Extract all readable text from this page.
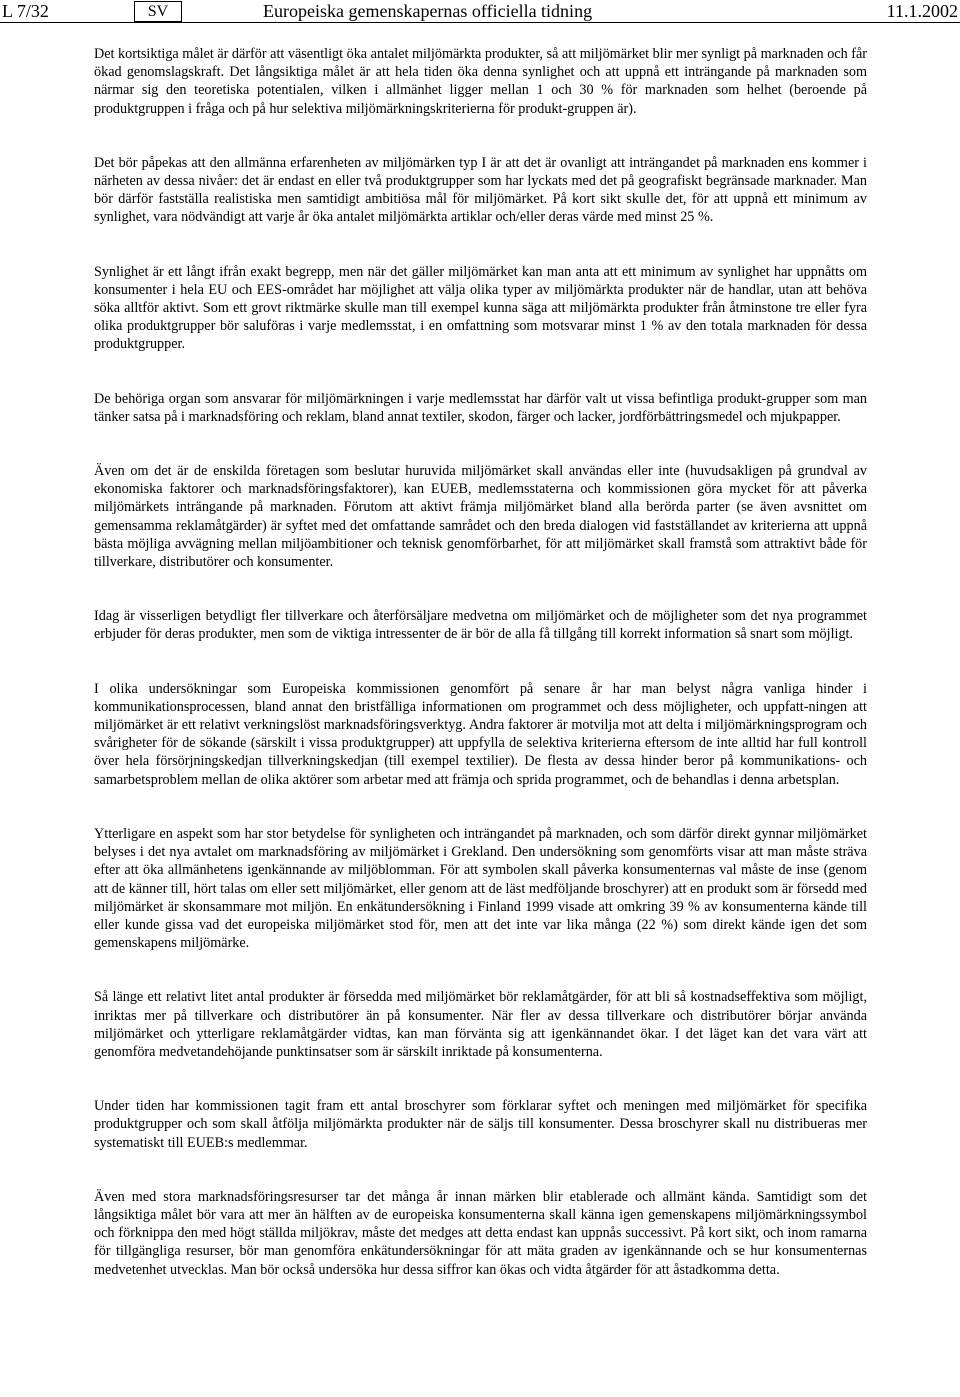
L 7/32	SV	Europeiska gemenskapernas officiella tidning	11.1.2002

Det kortsiktiga målet är därför att väsentligt öka antalet miljömärkta produkter, så att miljömärket blir mer synligt på marknaden och får ökad genomslagskraft. Det långsiktiga målet är att hela tiden öka denna synlighet och att uppnå ett inträngande på marknaden som närmar sig den teoretiska potentialen, vilken i allmänhet ligger mellan 1 och 30 % för marknaden som helhet (beroende på produktgruppen i fråga och på hur selektiva miljömärkningskriterierna för produkt-gruppen är).

Det bör påpekas att den allmänna erfarenheten av miljömärken typ I är att det är ovanligt att inträngandet på marknaden ens kommer i närheten av dessa nivåer: det är endast en eller två produktgrupper som har lyckats med det på geografiskt begränsade marknader. Man bör därför fastställa realistiska men samtidigt ambitiösa mål för miljömärket. På kort sikt skulle det, för att uppnå ett minimum av synlighet, vara nödvändigt att varje år öka antalet miljömärkta artiklar och/eller deras värde med minst 25 %.

Synlighet är ett långt ifrån exakt begrepp, men när det gäller miljömärket kan man anta att ett minimum av synlighet har uppnåtts om konsumenter i hela EU och EES-området har möjlighet att välja olika typer av miljömärkta produkter när de handlar, utan att behöva söka alltför aktivt. Som ett grovt riktmärke skulle man till exempel kunna säga att miljömärkta produkter från åtminstone tre eller fyra olika produktgrupper bör saluföras i varje medlemsstat, i en omfattning som motsvarar minst 1 % av den totala marknaden för dessa produktgrupper.

De behöriga organ som ansvarar för miljömärkningen i varje medlemsstat har därför valt ut vissa befintliga produkt-grupper som man tänker satsa på i marknadsföring och reklam, bland annat textiler, skodon, färger och lacker, jordförbättringsmedel och mjukpapper.

Även om det är de enskilda företagen som beslutar huruvida miljömärket skall användas eller inte (huvudsakligen på grundval av ekonomiska faktorer och marknadsföringsfaktorer), kan EUEB, medlemsstaterna och kommissionen göra mycket för att påverka miljömärkets inträngande på marknaden. Förutom att aktivt främja miljömärket bland alla berörda parter (se även avsnittet om gemensamma reklamåtgärder) är syftet med det omfattande samrådet och den breda dialogen vid fastställandet av kriterierna att uppnå bästa möjliga avvägning mellan miljöambitioner och teknisk genomförbarhet, för att miljömärket skall framstå som attraktivt både för tillverkare, distributörer och konsumenter.

Idag är visserligen betydligt fler tillverkare och återförsäljare medvetna om miljömärket och de möjligheter som det nya programmet erbjuder för deras produkter, men som de viktiga intressenter de är bör de alla få tillgång till korrekt information så snart som möjligt.

I olika undersökningar som Europeiska kommissionen genomfört på senare år har man belyst några vanliga hinder i kommunikationsprocessen, bland annat den bristfälliga informationen om programmet och dess möjligheter, och uppfatt-ningen att miljömärket är ett relativt verkningslöst marknadsföringsverktyg. Andra faktorer är motvilja mot att delta i miljömärkningsprogram och svårigheter för de sökande (särskilt i vissa produktgrupper) att uppfylla de selektiva kriterierna eftersom de inte alltid har full kontroll över hela försörjningskedjan tillverkningskedjan (till exempel textilier). De flesta av dessa hinder beror på kommunikations- och samarbetsproblem mellan de olika aktörer som arbetar med att främja och sprida programmet, och de behandlas i denna arbetsplan.

Ytterligare en aspekt som har stor betydelse för synligheten och inträngandet på marknaden, och som därför direkt gynnar miljömärket belyses i det nya avtalet om marknadsföring av miljömärket i Grekland. Den undersökning som genomförts visar att man måste sträva efter att öka allmänhetens igenkännande av miljöblomman. För att symbolen skall påverka konsumenternas val måste de inse (genom att de känner till, hört talas om eller sett miljömärket, eller genom att de läst medföljande broschyrer) att en produkt som är försedd med miljömärket är skonsammare mot miljön. En enkätundersökning i Finland 1999 visade att omkring 39 % av konsumenterna kände till eller kunde gissa vad det europeiska miljömärket stod för, men att det inte var lika många (22 %) som direkt kände igen det som gemenskapens miljömärke.

Så länge ett relativt litet antal produkter är försedda med miljömärket bör reklamåtgärder, för att bli så kostnadseffektiva som möjligt, inriktas mer på tillverkare och distributörer än på konsumenter. När fler av dessa tillverkare och distributörer börjar använda miljömärket och ytterligare reklamåtgärder vidtas, kan man förvänta sig att igenkännandet ökar. I det läget kan det vara värt att genomföra medvetandehöjande punktinsatser som är särskilt inriktade på konsumenterna.

Under tiden har kommissionen tagit fram ett antal broschyrer som förklarar syftet och meningen med miljömärket för specifika produktgrupper och som skall åtfölja miljömärkta produkter när de säljs till konsumenter. Dessa broschyrer skall nu distribueras mer systematiskt till EUEB:s medlemmar.

Även med stora marknadsföringsresurser tar det många år innan märken blir etablerade och allmänt kända. Samtidigt som det långsiktiga målet bör vara att mer än hälften av de europeiska konsumenterna skall känna igen gemenskapens miljömärkningssymbol och förknippa den med högt ställda miljökrav, måste det medges att detta endast kan uppnås successivt. På kort sikt, och inom ramarna för tillgängliga resurser, bör man genomföra enkätundersökningar för att mäta graden av igenkännande och se hur konsumenternas medvetenhet utvecklas. Man bör också undersöka hur dessa siffror kan ökas och vidta åtgärder för att åstadkomma detta.
